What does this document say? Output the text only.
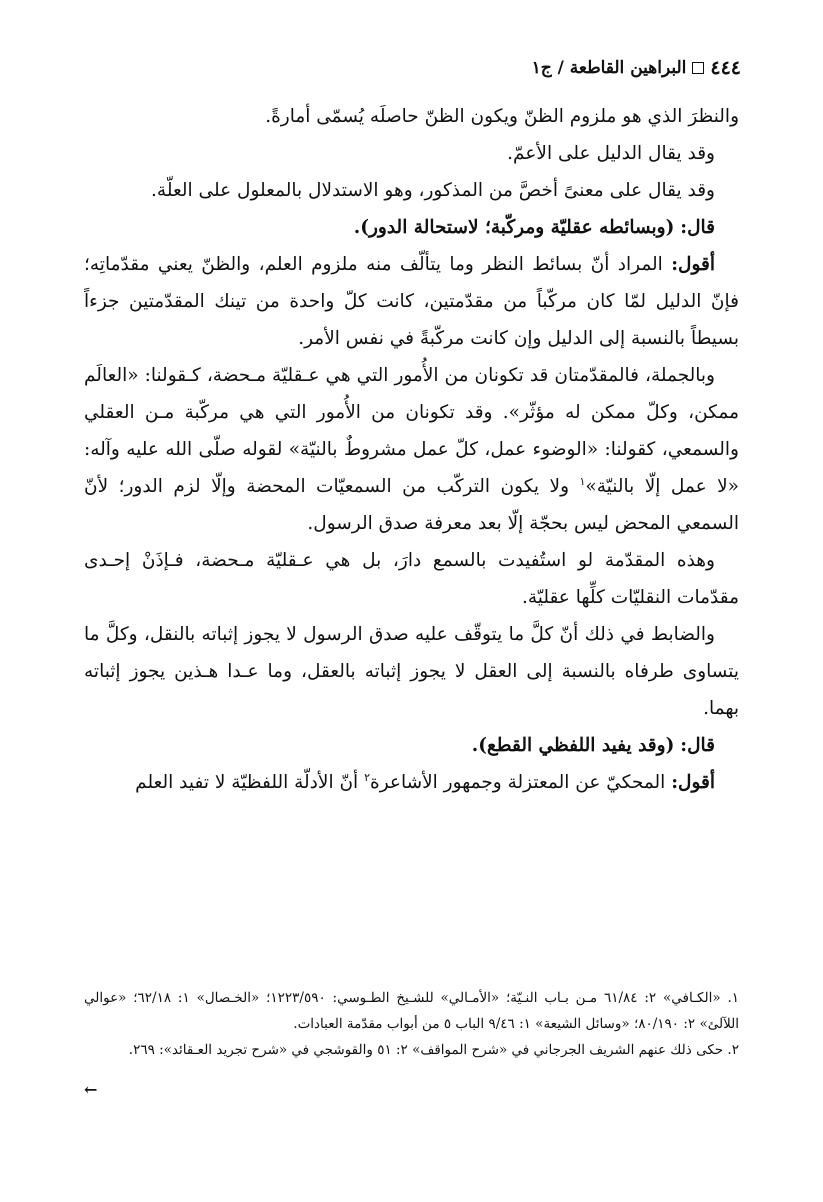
٤٤٤
البراهين القاطعة / ج١

والنظرَ الذي هو ملزوم الظنّ ويكون الظنّ حاصلَه يُسمّى أمارةً.

وقد يقال الدليل على الأعمّ.

وقد يقال على معنىً أخصَّ من المذكور، وهو الاستدلال بالمعلول على العلّة.

قال: (وبسائطه عقليّة ومركّبة؛ لاستحالة الدور).

أقول: المراد أنّ بسائط النظر وما يتألّف منه ملزوم العلم، والظنّ يعني مقدّماتِه؛ فإنّ الدليل لمّا كان مركّباً من مقدّمتين، كانت كلّ واحدة من تينك المقدّمتين جزءاً بسيطاً بالنسبة إلى الدليل وإن كانت مركّبةً في نفس الأمر.

وبالجملة، فالمقدّمتان قد تكونان من الأُمور التي هي عـقليّة مـحضة، كـقولنا: «العالَم ممكن، وكلّ ممكن له مؤثّر». وقد تكونان من الأُمور التي هي مركّبة مـن العقلي والسمعي، كقولنا: «الوضوء عمل، كلّ عمل مشروطٌ بالنيّة» لقوله صلّى الله عليه وآله: «لا عمل إلّا بالنيّة»$^١$ ولا يكون التركّب من السمعيّات المحضة وإلّا لزم الدور؛ لأنّ السمعي المحض ليس بحجّة إلّا بعد معرفة صدق الرسول.

وهذه المقدّمة لو استُفيدت بالسمع دارَ، بل هي عـقليّة مـحضة، فـإذَنْ إحـدى مقدّمات النقليّات كلِّها عقليّة.

والضابط في ذلك أنّ كلَّ ما يتوقّف عليه صدق الرسول لا يجوز إثباته بالنقل، وكلَّ ما يتساوى طرفاه بالنسبة إلى العقل لا يجوز إثباته بالعقل، وما عـدا هـذين يجوز إثباته بهما.

قال: (وقد يفيد اللفظي القطع).

أقول: المحكيّ عن المعتزلة وجمهور الأشاعرة$^٢$ أنّ الأدلّة اللفظيّة لا تفيد العلم

١. «الكـافي» ٢: ٦١/٨٤ مـن بـاب النـيّة؛ «الأمـالي» للشـيخ الطـوسي: ١٢٢٣/٥٩٠؛ «الخـصال» ١: ٦٢/١٨؛ «عوالي اللآلئ» ٢: ٨٠/١٩٠؛ «وسائل الشيعة» ١: ٩/٤٦ الباب ٥ من أبواب مقدّمة العبادات.

٢. حكى ذلك عنهم الشريف الجرجاني في «شرح المواقف» ٢: ٥١ والقوشجي في «شرح تجريد العـقائد»: ٢٦٩.

←
